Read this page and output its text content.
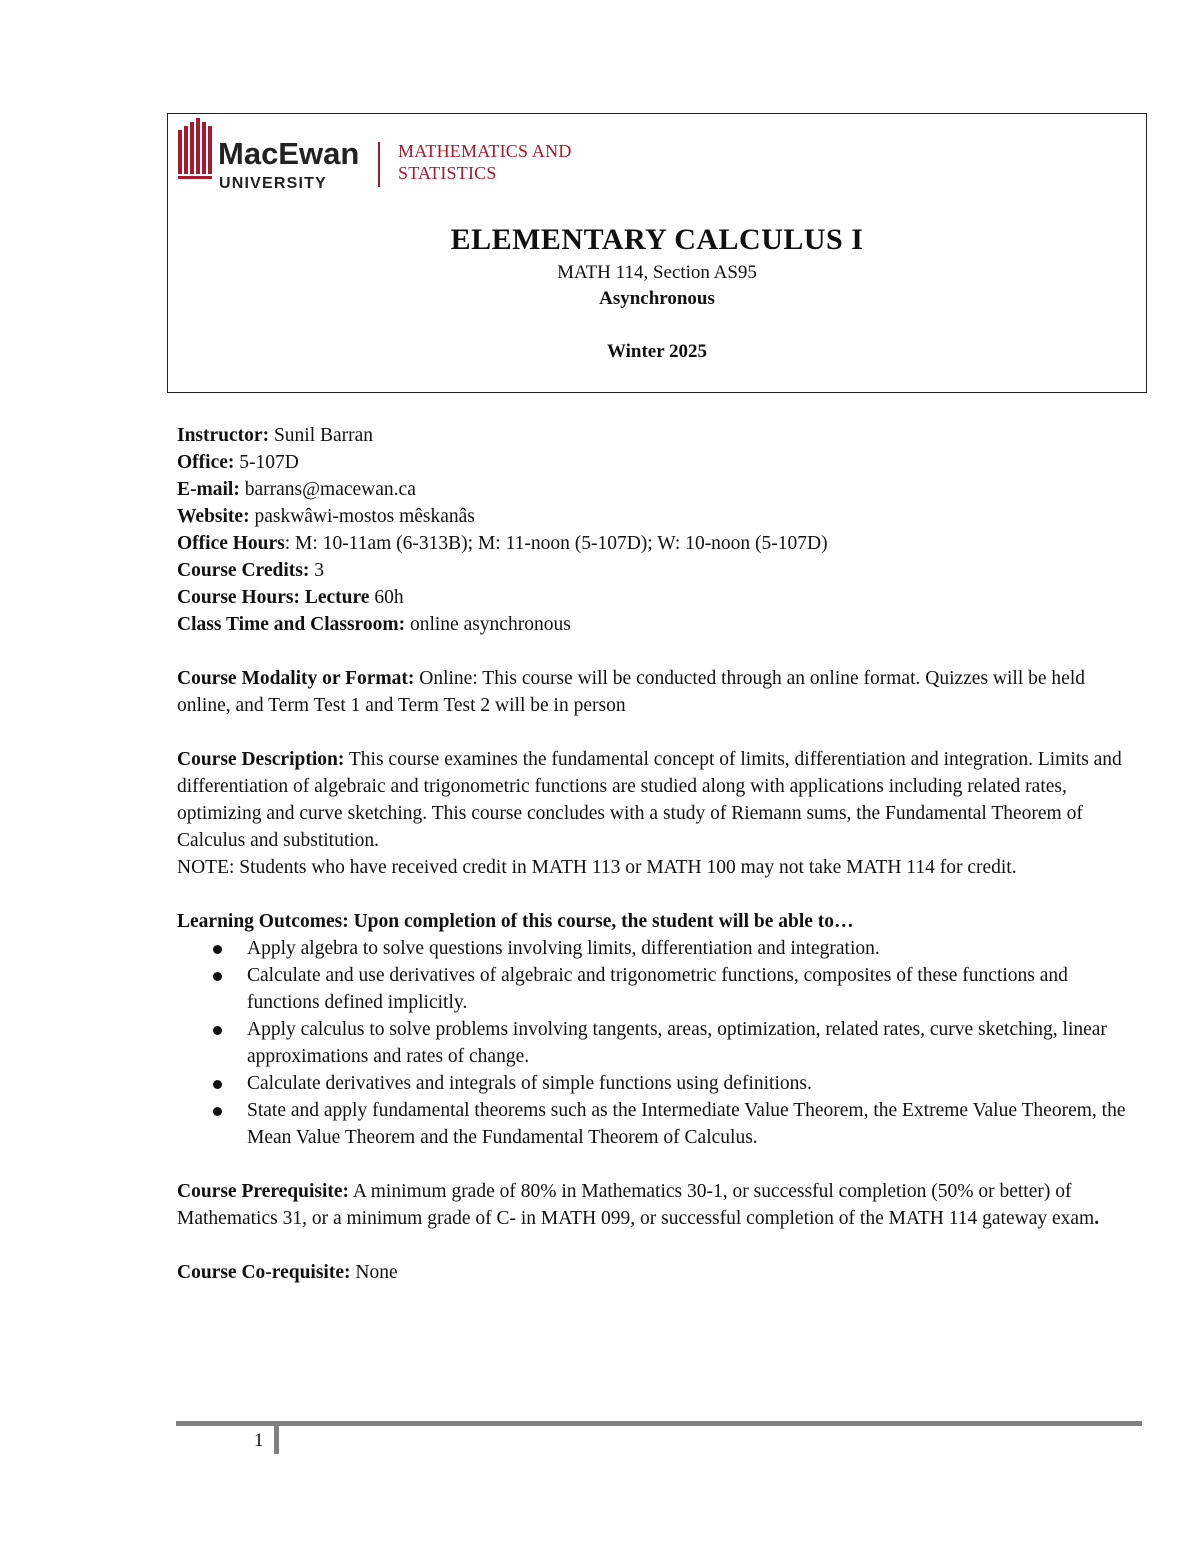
MacEwan
UNIVERSITY
MATHEMATICS AND
STATISTICS
ELEMENTARY CALCULUS I
MATH 114, Section AS95
Asynchronous
Winter 2025

Instructor: Sunil Barran

Office: 5-107D

E-mail: barrans@macewan.ca

Website: paskwâwi-mostos mêskanâs

Office Hours: M: 10-11am (6-313B); M: 11-noon (5-107D); W: 10-noon (5-107D)

Course Credits: 3

Course Hours: Lecture 60h

Class Time and Classroom: online asynchronous

Course Modality or Format: Online: This course will be conducted through an online format. Quizzes will be held online, and Term Test 1 and Term Test 2 will be in person

Course Description: This course examines the fundamental concept of limits, differentiation and integration. Limits and differentiation of algebraic and trigonometric functions are studied along with applications including related rates, optimizing and curve sketching. This course concludes with a study of Riemann sums, the Fundamental Theorem of Calculus and substitution.

NOTE: Students who have received credit in MATH 113 or MATH 100 may not take MATH 114 for credit.

Learning Outcomes: Upon completion of this course, the student will be able to…

Apply algebra to solve questions involving limits, differentiation and integration.
Calculate and use derivatives of algebraic and trigonometric functions, composites of these functions and functions defined implicitly.
Apply calculus to solve problems involving tangents, areas, optimization, related rates, curve sketching, linear approximations and rates of change.
Calculate derivatives and integrals of simple functions using definitions.
State and apply fundamental theorems such as the Intermediate Value Theorem, the Extreme Value Theorem, the Mean Value Theorem and the Fundamental Theorem of Calculus.

Course Prerequisite: A minimum grade of 80% in Mathematics 30-1, or successful completion (50% or better) of Mathematics 31, or a minimum grade of C- in MATH 099, or successful completion of the MATH 114 gateway exam.

Course Co-requisite: None

1
